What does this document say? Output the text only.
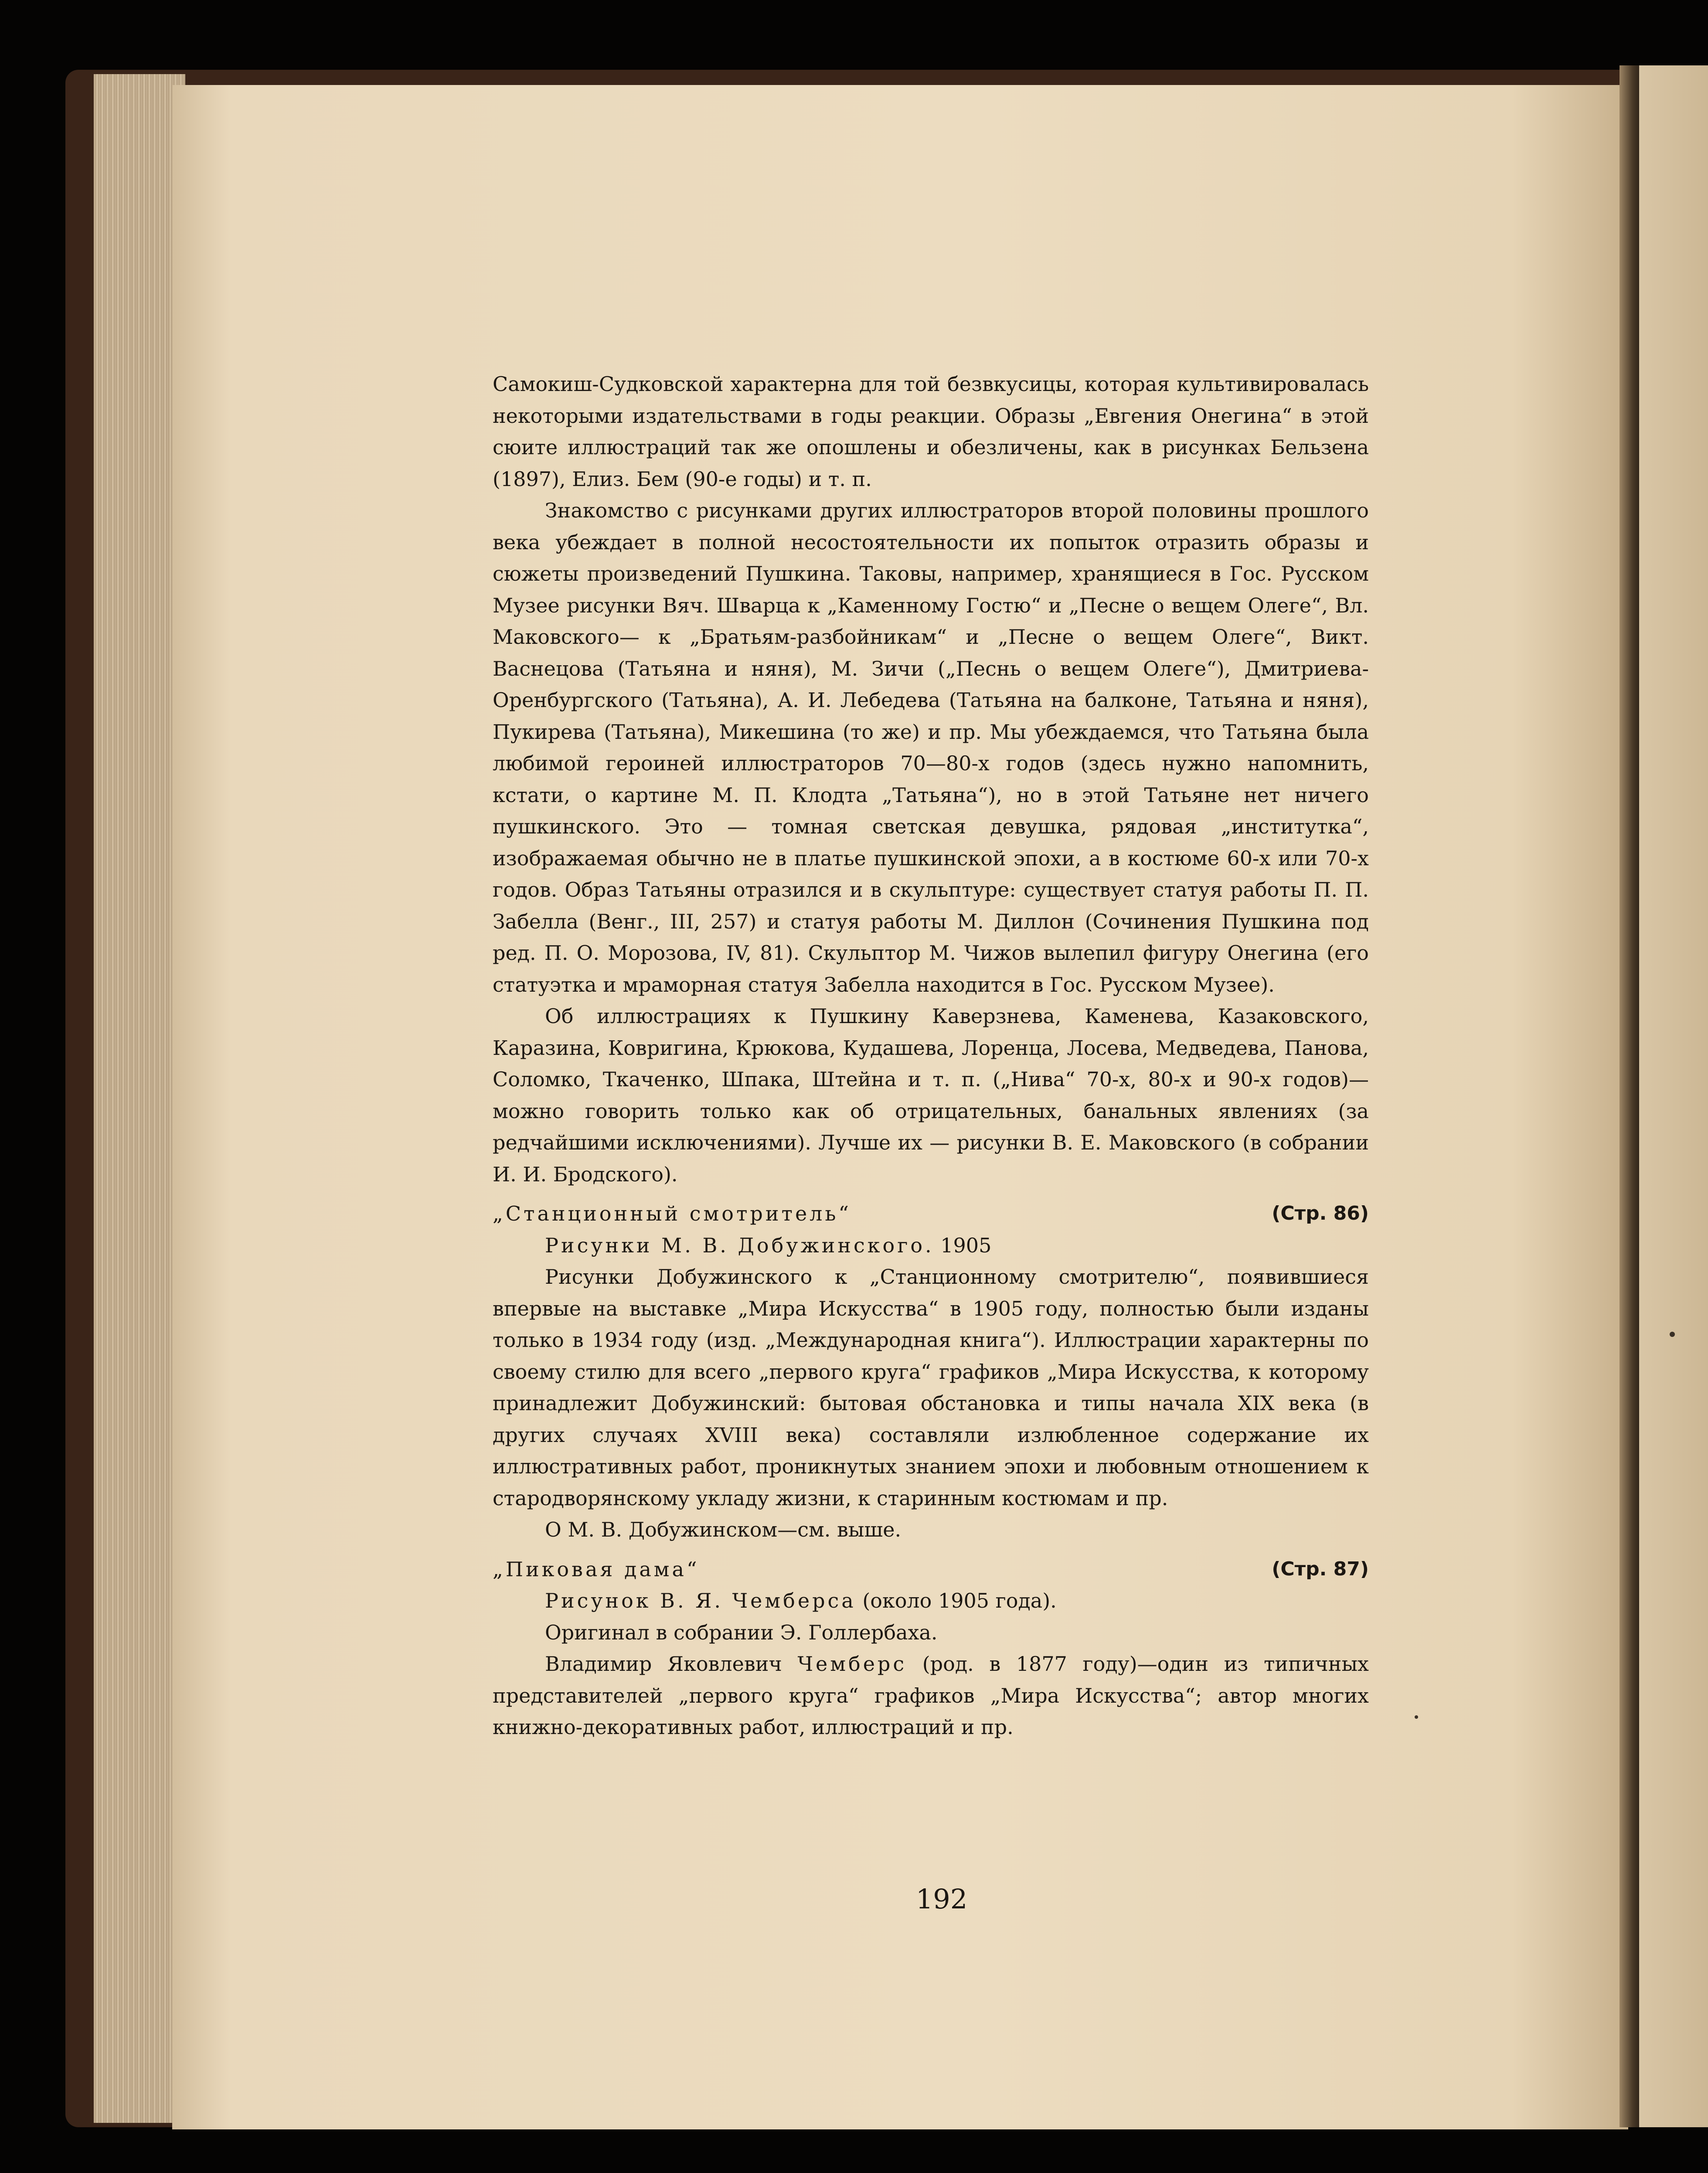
Самокиш-Судковской характерна для той безвкусицы, которая культивировалась некоторыми издательствами в годы реакции. Образы „Евгения Онегина“ в этой сюите иллюстраций так же опошлены и обезличены, как в рисунках Бельзена (1897), Елиз. Бем (90-е годы) и т. п.

Знакомство с рисунками других иллюстраторов второй половины прошлого века убеждает в полной несостоятельности их попыток отразить образы и сюжеты произведений Пушкина. Таковы, например, хранящиеся в Гос. Русском Музее рисунки Вяч. Шварца к „Каменному Гостю“ и „Песне о вещем Олеге“, Вл. Маковского— к „Братьям-разбойникам“ и „Песне о вещем Олеге“, Викт. Васнецова (Татьяна и няня), М. Зичи („Песнь о вещем Олеге“), Дмитриева-Оренбургского (Татьяна), А. И. Лебедева (Татьяна на балконе, Татьяна и няня), Пукирева (Татьяна), Микешина (то же) и пр. Мы убеждаемся, что Татьяна была любимой героиней иллюстраторов 70—80-х годов (здесь нужно напомнить, кстати, о картине М. П. Клодта „Татьяна“), но в этой Татьяне нет ничего пушкинского. Это — томная светская девушка, рядовая „институтка“, изображаемая обычно не в платье пушкинской эпохи, а в костюме 60-х или 70-х годов. Образ Татьяны отразился и в скульптуре: существует статуя работы П. П. Забелла (Венг., III, 257) и статуя работы М. Диллон (Сочинения Пушкина под ред. П. О. Морозова, IV, 81). Скульптор М. Чижов вылепил фигуру Онегина (его статуэтка и мраморная статуя Забелла находится в Гос. Русском Музее).

Об иллюстрациях к Пушкину Каверзнева, Каменева, Казаковского, Каразина, Ковригина, Крюкова, Кудашева, Лоренца, Лосева, Медведева, Панова, Соломко, Ткаченко, Шпака, Штейна и т. п. („Нива“ 70-х, 80-х и 90-х годов)—можно говорить только как об отрицательных, банальных явлениях (за редчайшими исключениями). Лучше их — рисунки В. Е. Маковского (в собрании И. И. Бродского).

„Станционный смотритель“	(Стр. 86)

Рисунки М. В. Добужинского. 1905

Рисунки Добужинского к „Станционному смотрителю“, появившиеся впервые на выставке „Мира Искусства“ в 1905 году, полностью были изданы только в 1934 году (изд. „Международная книга“). Иллюстрации характерны по своему стилю для всего „первого круга“ графиков „Мира Искусства, к которому принадлежит Добужинский: бытовая обстановка и типы начала XIX века (в других случаях XVIII века) составляли излюбленное содержание их иллюстративных работ, проникнутых знанием эпохи и любовным отношением к стародворянскому укладу жизни, к старинным костюмам и пр.

О М. В. Добужинском—см. выше.

„Пиковая дама“	(Стр. 87)

Рисунок В. Я. Чемберса (около 1905 года).

Оригинал в собрании Э. Голлербаха.

Владимир Яковлевич Чемберс (род. в 1877 году)—один из типичных представителей „первого круга“ графиков „Мира Искусства“; автор многих книжно-декоративных работ, иллюстраций и пр.

192
